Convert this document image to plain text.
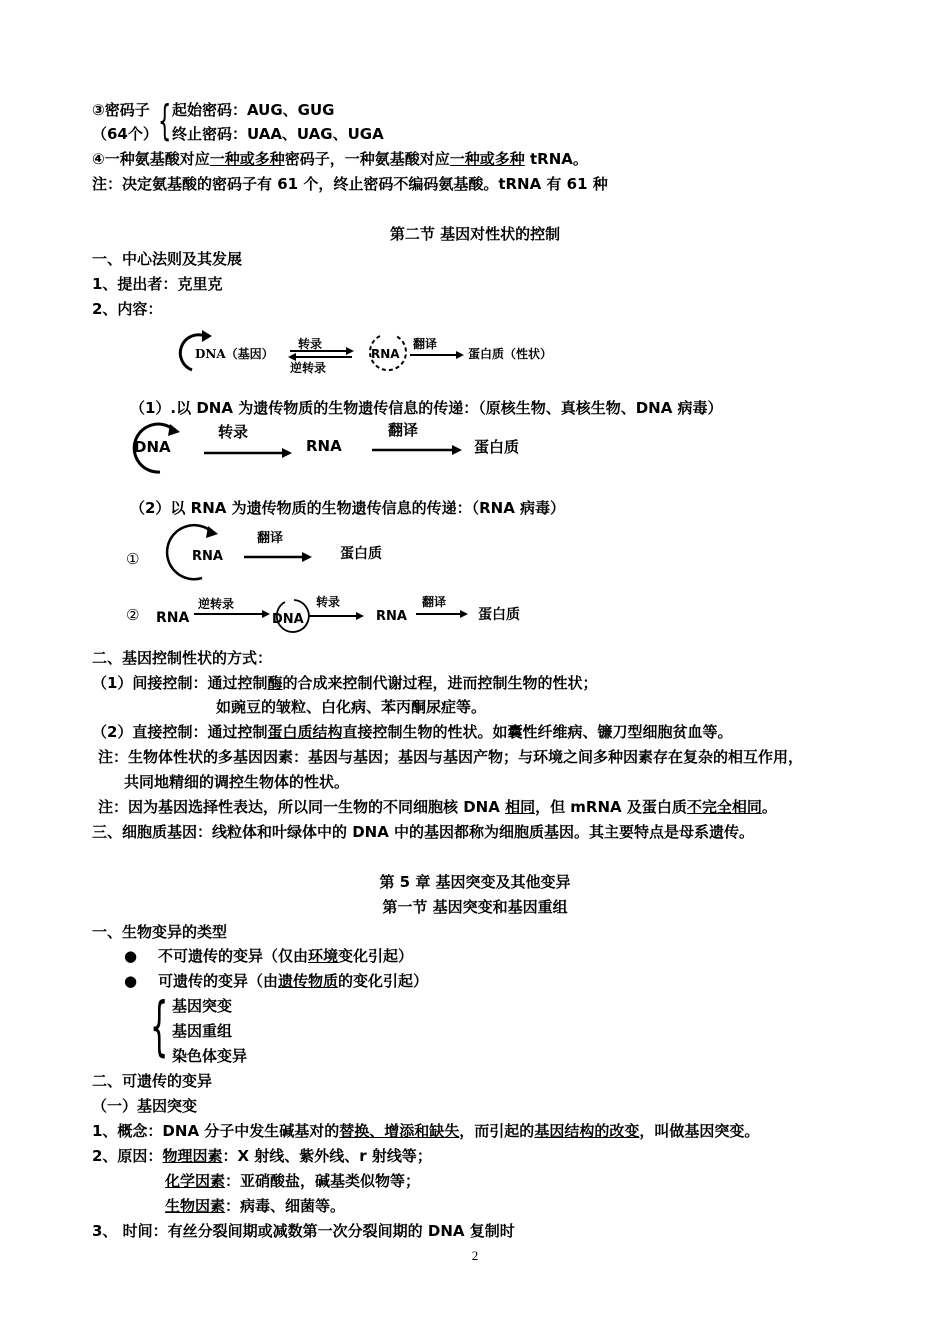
③密码子 { 起始密码：AUG、GUG
（64个） 终止密码：UAA、UAG、UGA
④一种氨基酸对应一种或多种密码子，一种氨基酸对应一种或多种 tRNA。
注：决定氨基酸的密码子有 61 个，终止密码不编码氨基酸。tRNA 有 61 种
第二节 基因对性状的控制
一、中心法则及其发展
1、提出者：克里克
2、内容：
DNA（基因）
转录
逆转录
RNA
翻译
蛋白质（性状）
（1）.以 DNA 为遗传物质的生物遗传信息的传递：（原核生物、真核生物、DNA 病毒）
DNA
转录
RNA
翻译
蛋白质
（2）以 RNA 为遗传物质的生物遗传信息的传递：（RNA 病毒）
①	RNA
翻译
蛋白质
② RNA
逆转录
DNA
转录
RNA
翻译
蛋白质
二、基因控制性状的方式：
（1）间接控制：通过控制酶的合成来控制代谢过程，进而控制生物的性状；
如豌豆的皱粒、白化病、苯丙酮尿症等。
（2）直接控制：通过控制蛋白质结构直接控制生物的性状。如囊性纤维病、镰刀型细胞贫血等。
注：生物体性状的多基因因素：基因与基因；基因与基因产物；与环境之间多种因素存在复杂的相互作用，
共同地精细的调控生物体的性状。
注：因为基因选择性表达，所以同一生物的不同细胞核 DNA 相同，但 mRNA 及蛋白质不完全相同。
三、细胞质基因：线粒体和叶绿体中的 DNA 中的基因都称为细胞质基因。其主要特点是母系遗传。
第 5 章 基因突变及其他变异
第一节 基因突变和基因重组
一、生物变异的类型
● 不可遗传的变异（仅由环境变化引起）
● 可遗传的变异（由遗传物质的变化引起）
{ 基因突变
基因重组
染色体变异
二、可遗传的变异
（一）基因突变
1、概念：DNA 分子中发生碱基对的替换、增添和缺失，而引起的基因结构的改变，叫做基因突变。
2、原因：物理因素：X 射线、紫外线、r 射线等；
化学因素：亚硝酸盐，碱基类似物等；
生物因素：病毒、细菌等。
3、 时间：有丝分裂间期或减数第一次分裂间期的 DNA 复制时
2
